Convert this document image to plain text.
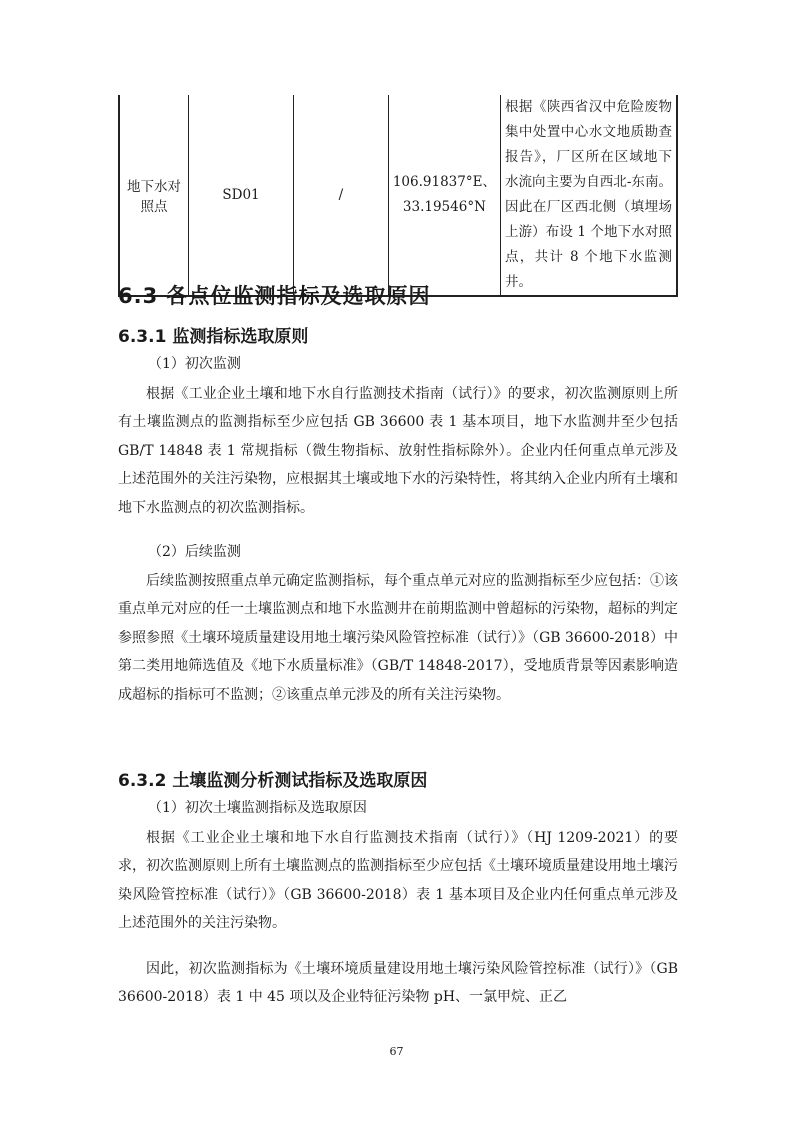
地下水对照点	SD01	/	106.91837°E、33.19546°N	根据《陕西省汉中危险废物集中处置中心水文地质勘查报告》，厂区所在区域地下水流向主要为自西北-东南。因此在厂区西北侧（填埋场上游）布设 1 个地下水对照点，共计 8 个地下水监测井。
6.3 各点位监测指标及选取原因
6.3.1 监测指标选取原则
（1）初次监测

根据《工业企业土壤和地下水自行监测技术指南（试行）》的要求，初次监测原则上所有土壤监测点的监测指标至少应包括 GB 36600 表 1 基本项目，地下水监测井至少包括 GB/T 14848 表 1 常规指标（微生物指标、放射性指标除外）。企业内任何重点单元涉及上述范围外的关注污染物，应根据其土壤或地下水的污染特性，将其纳入企业内所有土壤和地下水监测点的初次监测指标。

（2）后续监测

后续监测按照重点单元确定监测指标，每个重点单元对应的监测指标至少应包括：①该重点单元对应的任一土壤监测点和地下水监测井在前期监测中曾超标的污染物，超标的判定参照参照《土壤环境质量建设用地土壤污染风险管控标准（试行）》（GB 36600-2018）中第二类用地筛选值及《地下水质量标准》（GB/T 14848-2017），受地质背景等因素影响造成超标的指标可不监测；②该重点单元涉及的所有关注污染物。

6.3.2 土壤监测分析测试指标及选取原因
（1）初次土壤监测指标及选取原因

根据《工业企业土壤和地下水自行监测技术指南（试行）》（HJ 1209-2021）的要求，初次监测原则上所有土壤监测点的监测指标至少应包括《土壤环境质量建设用地土壤污染风险管控标准（试行）》（GB 36600-2018）表 1 基本项目及企业内任何重点单元涉及上述范围外的关注污染物。

因此，初次监测指标为《土壤环境质量建设用地土壤污染风险管控标准（试行）》（GB 36600-2018）表 1 中 45 项以及企业特征污染物 pH、一氯甲烷、正乙

67
